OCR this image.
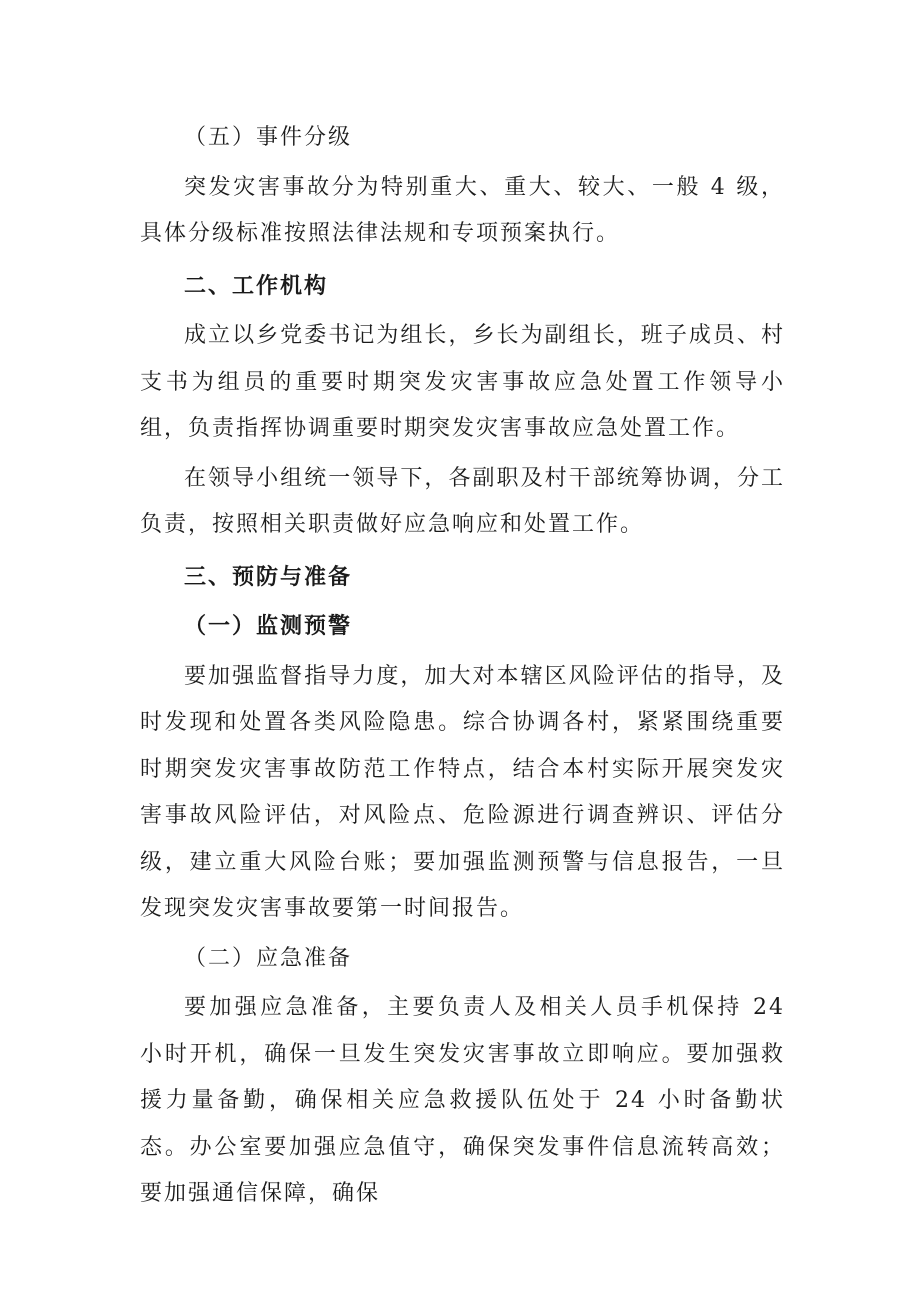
（五）事件分级

突发灾害事故分为特别重大、重大、较大、一般 4 级，具体分级标准按照法律法规和专项预案执行。

二、工作机构

成立以乡党委书记为组长，乡长为副组长，班子成员、村支书为组员的重要时期突发灾害事故应急处置工作领导小组，负责指挥协调重要时期突发灾害事故应急处置工作。

在领导小组统一领导下，各副职及村干部统筹协调，分工负责，按照相关职责做好应急响应和处置工作。

三、预防与准备

（一）监测预警

要加强监督指导力度，加大对本辖区风险评估的指导，及时发现和处置各类风险隐患。综合协调各村，紧紧围绕重要时期突发灾害事故防范工作特点，结合本村实际开展突发灾害事故风险评估，对风险点、危险源进行调查辨识、评估分级，建立重大风险台账；要加强监测预警与信息报告，一旦发现突发灾害事故要第一时间报告。

（二）应急准备

要加强应急准备，主要负责人及相关人员手机保持 24 小时开机，确保一旦发生突发灾害事故立即响应。要加强救援力量备勤，确保相关应急救援队伍处于 24 小时备勤状态。办公室要加强应急值守，确保突发事件信息流转高效；要加强通信保障，确保
